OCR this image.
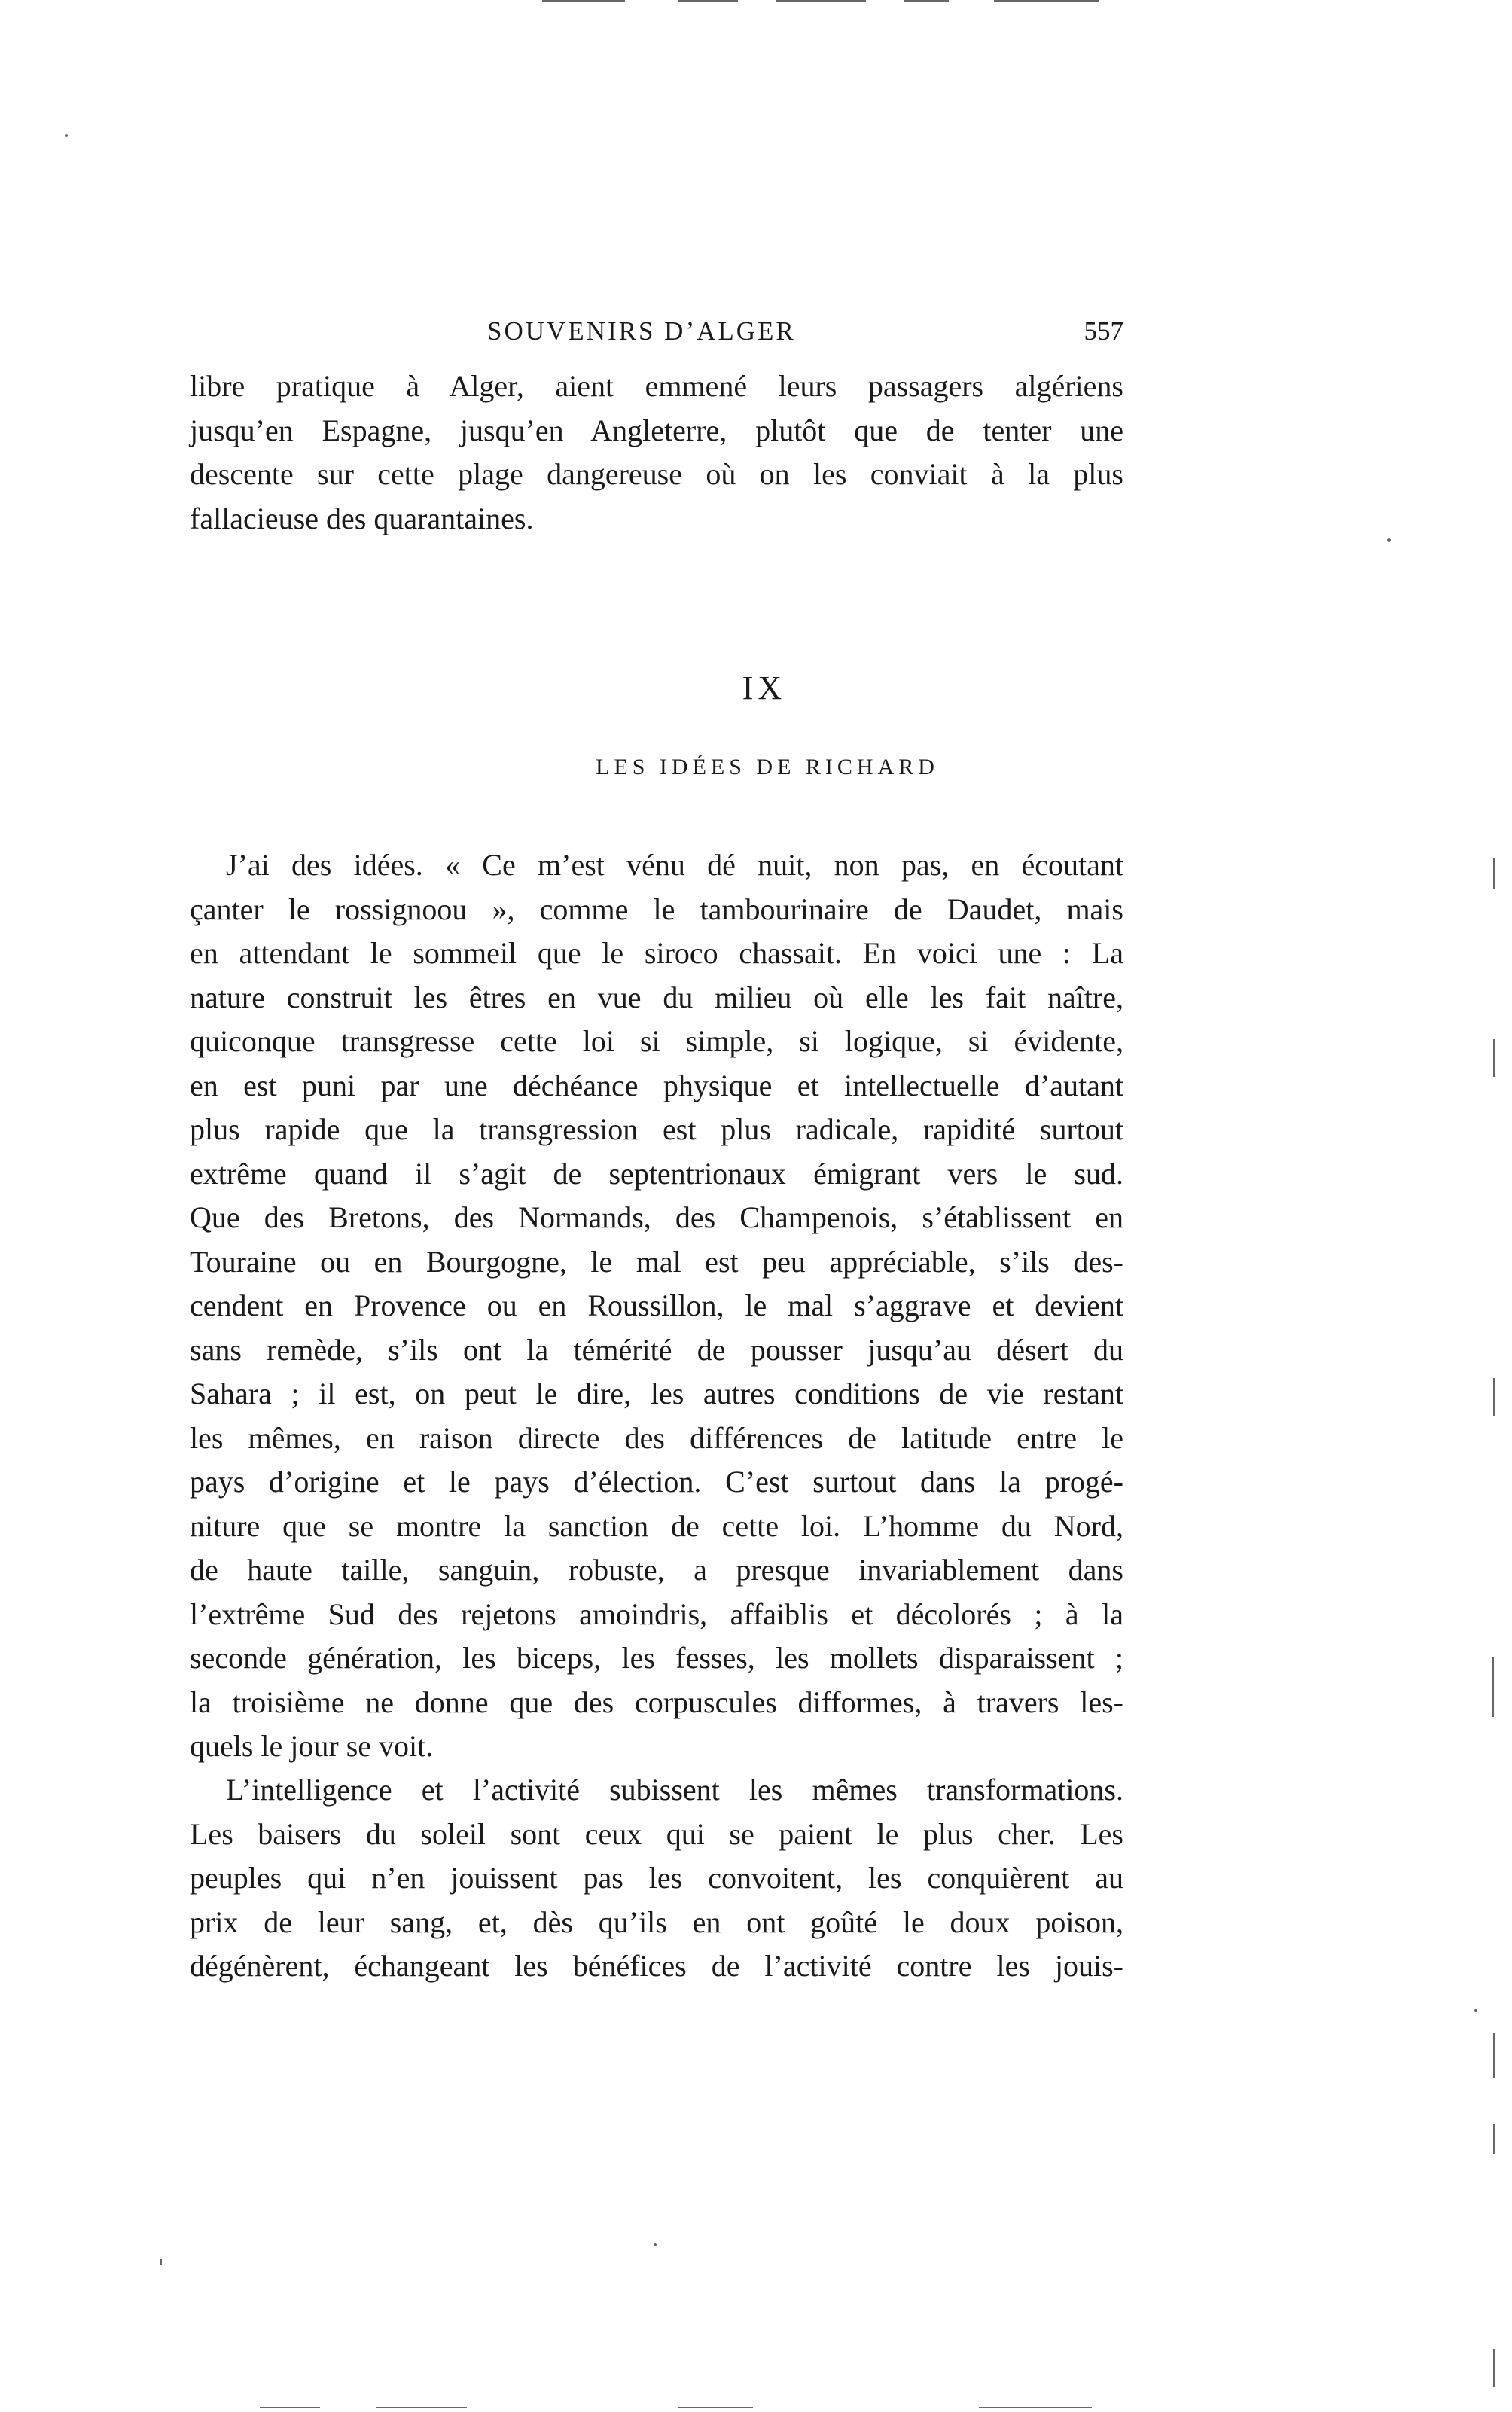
SOUVENIRS D’ALGER	557
libre pratique à Alger, aient emmené leurs passagers algériens
jusqu’en Espagne, jusqu’en Angleterre, plutôt que de tenter une
descente sur cette plage dangereuse où on les conviait à la plus
fallacieuse des quarantaines.
IX
LES IDÉES DE RICHARD
J’ai des idées. « Ce m’est vénu dé nuit, non pas, en écoutant
çanter le rossignoou », comme le tambourinaire de Daudet, mais
en attendant le sommeil que le siroco chassait. En voici une : La
nature construit les êtres en vue du milieu où elle les fait naître,
quiconque transgresse cette loi si simple, si logique, si évidente,
en est puni par une déchéance physique et intellectuelle d’autant
plus rapide que la transgression est plus radicale, rapidité surtout
extrême quand il s’agit de septentrionaux émigrant vers le sud.
Que des Bretons, des Normands, des Champenois, s’établissent en
Touraine ou en Bourgogne, le mal est peu appréciable, s’ils des-
cendent en Provence ou en Roussillon, le mal s’aggrave et devient
sans remède, s’ils ont la témérité de pousser jusqu’au désert du
Sahara ; il est, on peut le dire, les autres conditions de vie restant
les mêmes, en raison directe des différences de latitude entre le
pays d’origine et le pays d’élection. C’est surtout dans la progé-
niture que se montre la sanction de cette loi. L’homme du Nord,
de haute taille, sanguin, robuste, a presque invariablement dans
l’extrême Sud des rejetons amoindris, affaiblis et décolorés ; à la
seconde génération, les biceps, les fesses, les mollets disparaissent ;
la troisième ne donne que des corpuscules difformes, à travers les-
quels le jour se voit.
L’intelligence et l’activité subissent les mêmes transformations.
Les baisers du soleil sont ceux qui se paient le plus cher. Les
peuples qui n’en jouissent pas les convoitent, les conquièrent au
prix de leur sang, et, dès qu’ils en ont goûté le doux poison,
dégénèrent, échangeant les bénéfices de l’activité contre les jouis-
